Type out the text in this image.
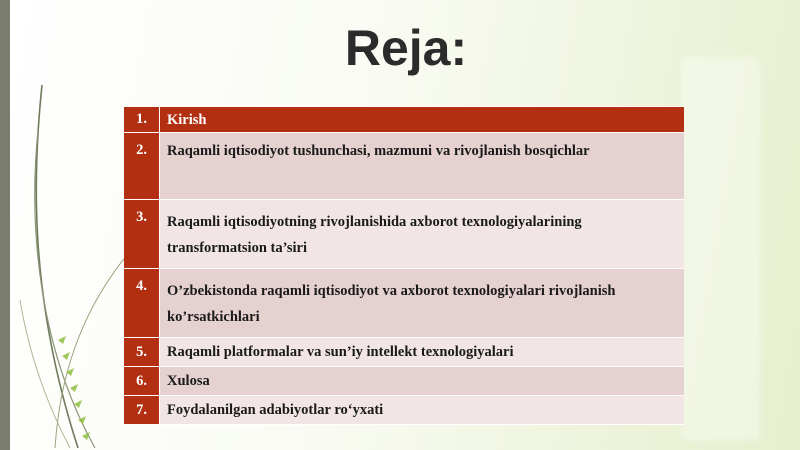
Reja:
1.	Kirish

2.	Raqamli iqtisodiyot tushunchasi, mazmuni va rivojlanish bosqichlar

3.	Raqamli iqtisodiyotning rivojlanishida axborot texnologiyalarining transformatsion ta’siri

4.	O’zbekistonda raqamli iqtisodiyot va axborot texnologiyalari rivojlanish ko’rsatkichlari

5.	Raqamli platformalar va sun’iy intellekt texnologiyalari

6.	Xulosa

7.	Foydalanilgan adabiyotlar ro‘yxati
